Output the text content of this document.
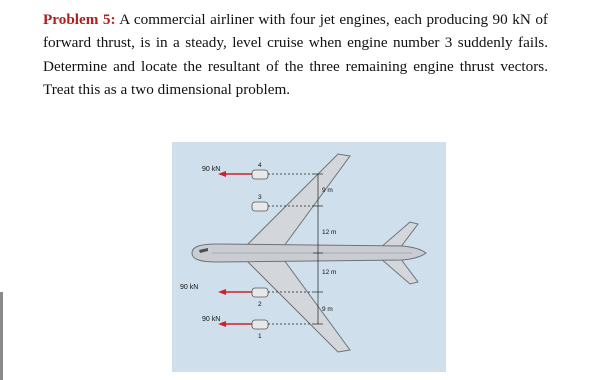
Problem 5: A commercial airliner with four jet engines, each producing 90 kN of forward thrust, is in a steady, level cruise when engine number 3 suddenly fails. Determine and locate the resultant of the three remaining engine thrust vectors. Treat this as a two dimensional problem.
4
3
2
1
90 kN
90 kN
90 kN
9 m
12 m
12 m
9 m
